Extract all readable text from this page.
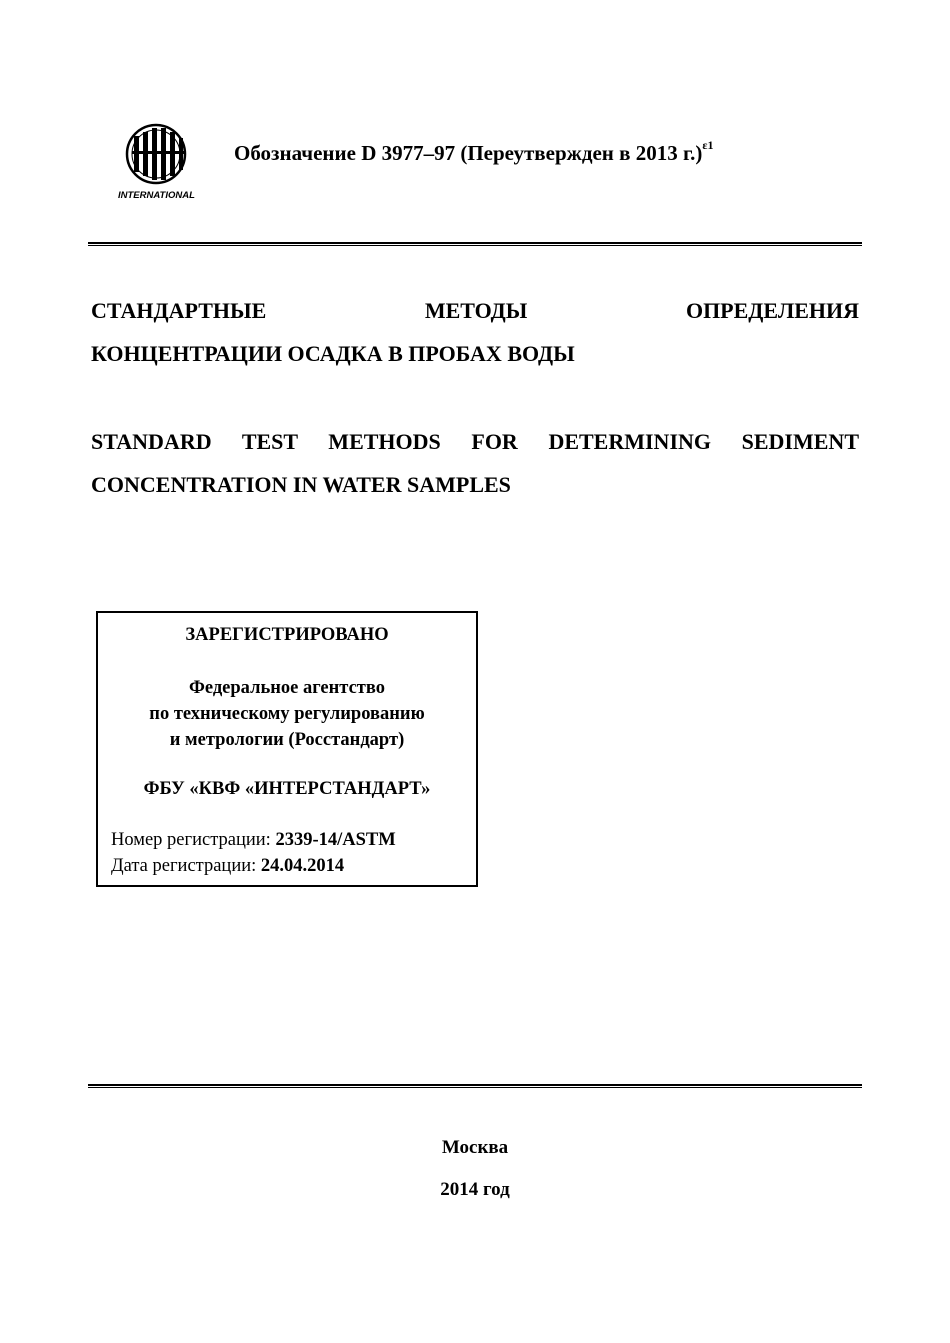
INTERNATIONAL
Обозначение D 3977–97 (Переутвержден в 2013 г.)$^{\varepsilon 1}$
СТАНДАРТНЫЕ МЕТОДЫ ОПРЕДЕЛЕНИЯ
КОНЦЕНТРАЦИИ ОСАДКА В ПРОБАХ ВОДЫ
STANDARD TEST METHODS FOR DETERMINING SEDIMENT
CONCENTRATION IN WATER SAMPLES
ЗАРЕГИСТРИРОВАНО
Федеральное агентство
по техническому регулированию
и метрологии (Росстандарт)
ФБУ «КВФ «ИНТЕРСТАНДАРТ»
Номер регистрации: 2339-14/ASTM
Дата регистрации: 24.04.2014
Москва
2014 год
